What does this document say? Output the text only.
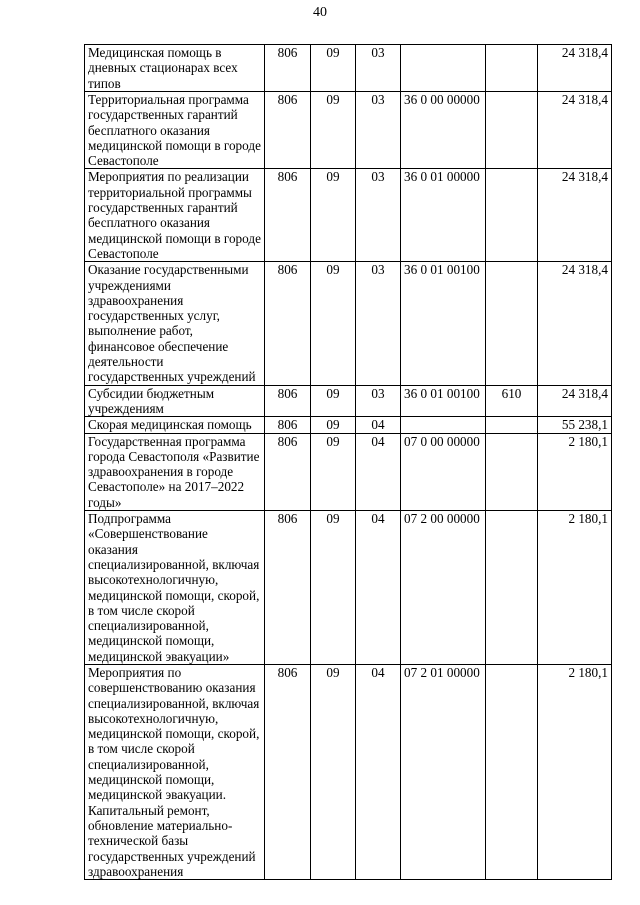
40
Медицинская помощь в дневных стационарах всех типов	806	09	03			24 318,4
Территориальная программа государственных гарантий бесплатного оказания медицинской помощи в городе Севастополе	806	09	03	36 0 00 00000		24 318,4
Мероприятия по реализации территориальной программы государственных гарантий бесплатного оказания медицинской помощи в городе Севастополе	806	09	03	36 0 01 00000		24 318,4
Оказание государственными учреждениями здравоохранения государственных услуг, выполнение работ, финансовое обеспечение деятельности государственных учреждений	806	09	03	36 0 01 00100		24 318,4
Субсидии бюджетным учреждениям	806	09	03	36 0 01 00100	610	24 318,4
Скорая медицинская помощь	806	09	04			55 238,1
Государственная программа города Севастополя «Развитие здравоохранения в городе Севастополе» на 2017–2022 годы»	806	09	04	07 0 00 00000		2 180,1
Подпрограмма «Совершенствование оказания специализированной, включая высокотехнологичную, медицинской помощи, скорой, в том числе скорой специализированной, медицинской помощи, медицинской эвакуации»	806	09	04	07 2 00 00000		2 180,1
Мероприятия по совершенствованию оказания специализированной, включая высокотехнологичную, медицинской помощи, скорой, в том числе скорой специализированной, медицинской помощи, медицинской эвакуации. Капитальный ремонт, обновление материально-технической базы государственных учреждений здравоохранения	806	09	04	07 2 01 00000		2 180,1
